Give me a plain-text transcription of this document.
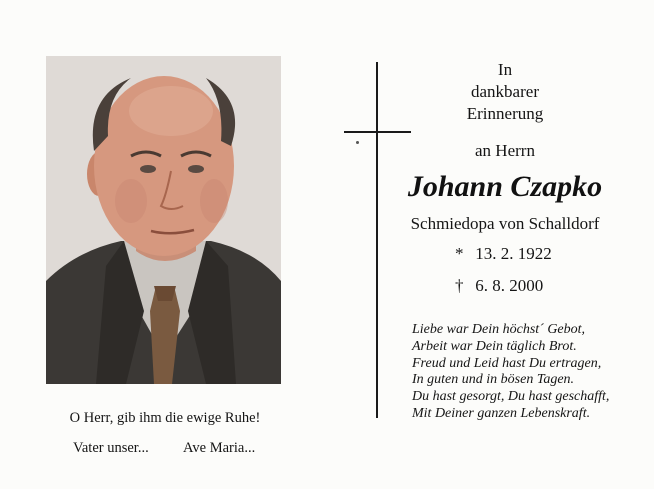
O Herr, gib ihm die ewige Ruhe!
Vater unser... Ave Maria...
In
dankbarer
Erinnerung
an Herrn
Johann Czapko
Schmiedopa von Schalldorf
* 13. 2. 1922
† 6. 8. 2000
Liebe war Dein höchst´ Gebot,
Arbeit war Dein täglich Brot.
Freud und Leid hast Du ertragen,
In guten und in bösen Tagen.
Du hast gesorgt, Du hast geschafft,
Mit Deiner ganzen Lebenskraft.
